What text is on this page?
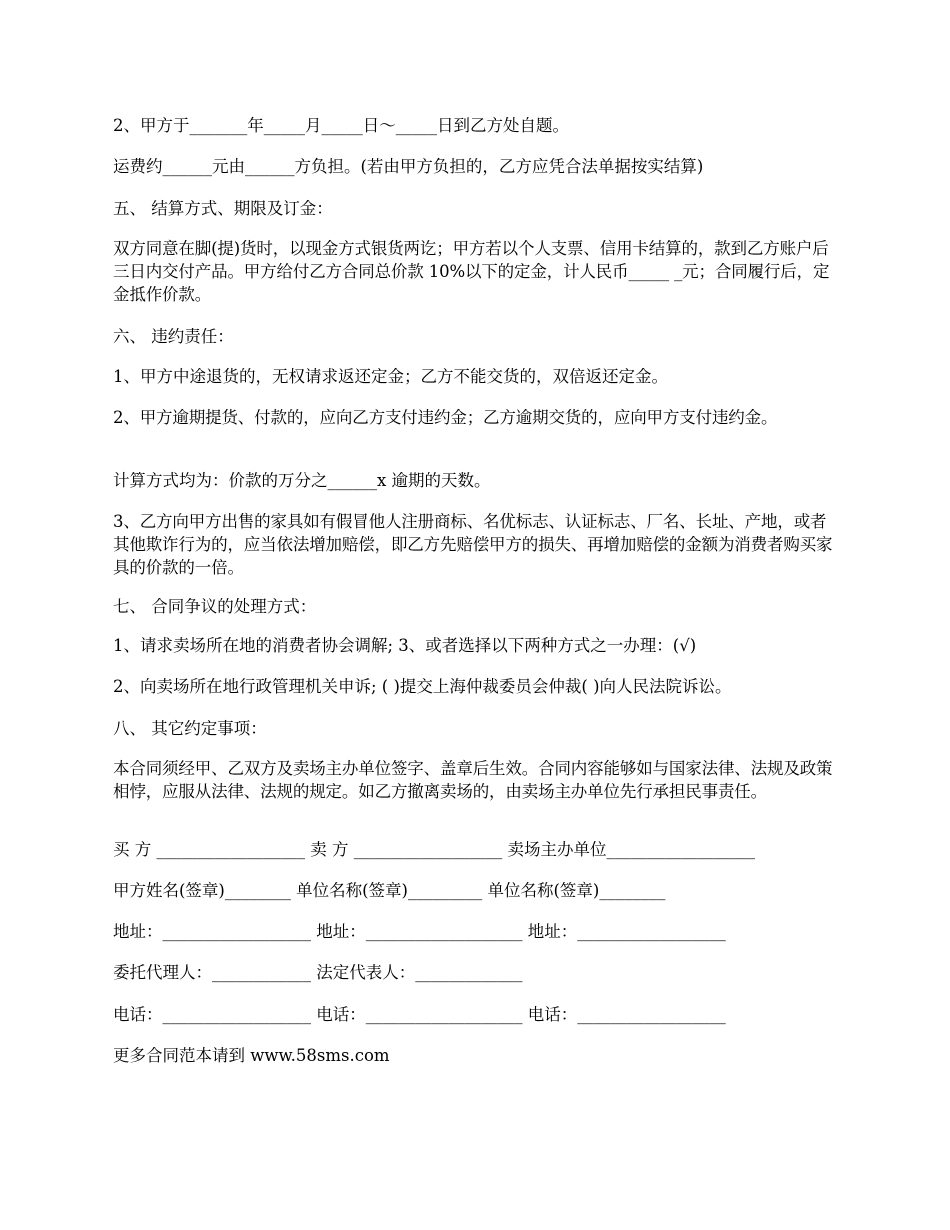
2、甲方于_______年_____月_____日～_____日到乙方处自题。
运费约______元由______方负担。(若由甲方负担的，乙方应凭合法单据按实结算)
五、 结算方式、期限及订金：
双方同意在脚(提)货时，以现金方式银货两讫；甲方若以个人支票、信用卡结算的，款到乙方账户后三日内交付产品。甲方给付乙方合同总价款 10%以下的定金，计人民币_____ _元；合同履行后，定金抵作价款。
六、 违约责任：
1、甲方中途退货的，无权请求返还定金；乙方不能交货的，双倍返还定金。
2、甲方逾期提货、付款的，应向乙方支付违约金；乙方逾期交货的，应向甲方支付违约金。
计算方式均为：价款的万分之______x 逾期的天数。
3、乙方向甲方出售的家具如有假冒他人注册商标、名优标志、认证标志、厂名、长址、产地，或者其他欺诈行为的，应当依法增加赔偿，即乙方先赔偿甲方的损失、再增加赔偿的金额为消费者购买家具的价款的一倍。
七、 合同争议的处理方式：
1、请求卖场所在地的消费者协会调解; 3、或者选择以下两种方式之一办理：(√)
2、向卖场所在地行政管理机关申诉; ( )提交上海仲裁委员会仲裁( )向人民法院诉讼。
八、 其它约定事项：
本合同须经甲、乙双方及卖场主办单位签字、盖章后生效。合同内容能够如与国家法律、法规及政策相悖，应服从法律、法规的规定。如乙方撤离卖场的，由卖场主办单位先行承担民事责任。
买 方 __________________ 卖 方 __________________ 卖场主办单位__________________
甲方姓名(签章)________ 单位名称(签章)_________ 单位名称(签章)________
地址：__________________ 地址：___________________ 地址：__________________
委托代理人：____________ 法定代表人：_____________
电话：__________________ 电话：___________________ 电话：__________________
更多合同范本请到 www.58sms.com
